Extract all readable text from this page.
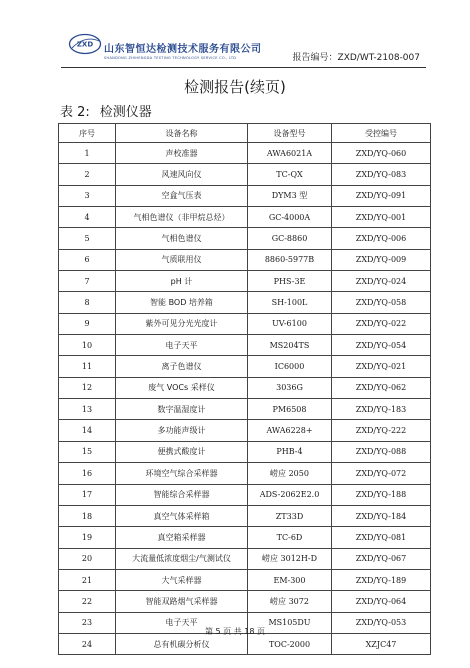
ZXD 山东智恒达检测技术服务有限公司
SHANDONG ZHIHENGDA TESTING TECHNOLOGY SERVICE CO., LTD	报告编号：ZXD/WT-2108-007
检测报告(续页)
表 2: 检测仪器
序号	设备名称	设备型号	受控编号
1	声校准器	AWA6021A	ZXD/YQ-060
2	风速风向仪	TC-QX	ZXD/YQ-083
3	空盒气压表	DYM3 型	ZXD/YQ-091
4	气相色谱仪（非甲烷总烃）	GC-4000A	ZXD/YQ-001
5	气相色谱仪	GC-8860	ZXD/YQ-006
6	气质联用仪	8860-5977B	ZXD/YQ-009
7	pH 计	PHS-3E	ZXD/YQ-024
8	智能 BOD 培养箱	SH-100L	ZXD/YQ-058
9	紫外可见分光光度计	UV-6100	ZXD/YQ-022
10	电子天平	MS204TS	ZXD/YQ-054
11	离子色谱仪	IC6000	ZXD/YQ-021
12	废气 VOCs 采样仪	3036G	ZXD/YQ-062
13	数字温湿度计	PM6508	ZXD/YQ-183
14	多功能声级计	AWA6228+	ZXD/YQ-222
15	便携式酸度计	PHB-4	ZXD/YQ-088
16	环境空气综合采样器	崂应 2050	ZXD/YQ-072
17	智能综合采样器	ADS-2062E2.0	ZXD/YQ-188
18	真空气体采样箱	ZT33D	ZXD/YQ-184
19	真空箱采样器	TC-6D	ZXD/YQ-081
20	大流量低浓度烟尘/气测试仪	崂应 3012H-D	ZXD/YQ-067
21	大气采样器	EM-300	ZXD/YQ-189
22	智能双路烟气采样器	崂应 3072	ZXD/YQ-064
23	电子天平	MS105DU	ZXD/YQ-053
24	总有机碳分析仪	TOC-2000	XZJC47
第 5 页 共 18 页
